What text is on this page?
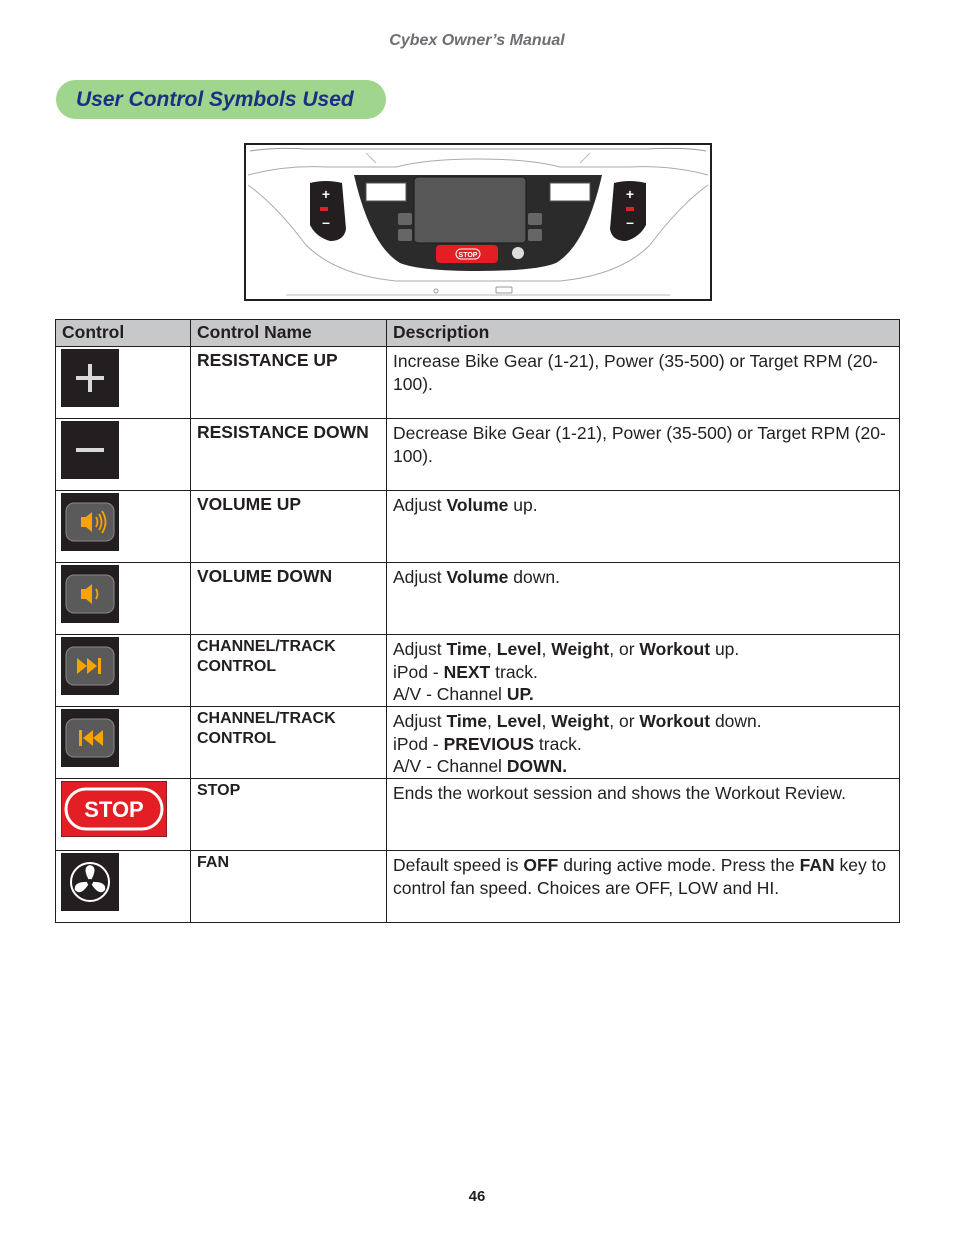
Cybex Owner’s Manual
User Control Symbols Used
+
–
+
–
STOP
Control	Control Name	Description

	RESISTANCE UP	Increase Bike Gear (1-21), Power (35-500) or Target RPM (20-100).

	RESISTANCE DOWN	Decrease Bike Gear (1-21), Power (35-500) or Target RPM (20-100).

	VOLUME UP	Adjust Volume up.

	VOLUME DOWN	Adjust Volume down.

	CHANNEL/TRACK CONTROL	Adjust Time, Level, Weight, or Workout up.
iPod - NEXT track.
A/V - Channel UP.

	CHANNEL/TRACK CONTROL	Adjust Time, Level, Weight, or Workout down.
iPod - PREVIOUS track.
A/V - Channel DOWN.

STOP	STOP	Ends the workout session and shows the Workout Review.

	FAN	Default speed is OFF during active mode. Press the FAN key to control fan speed. Choices are OFF, LOW and HI.
46
